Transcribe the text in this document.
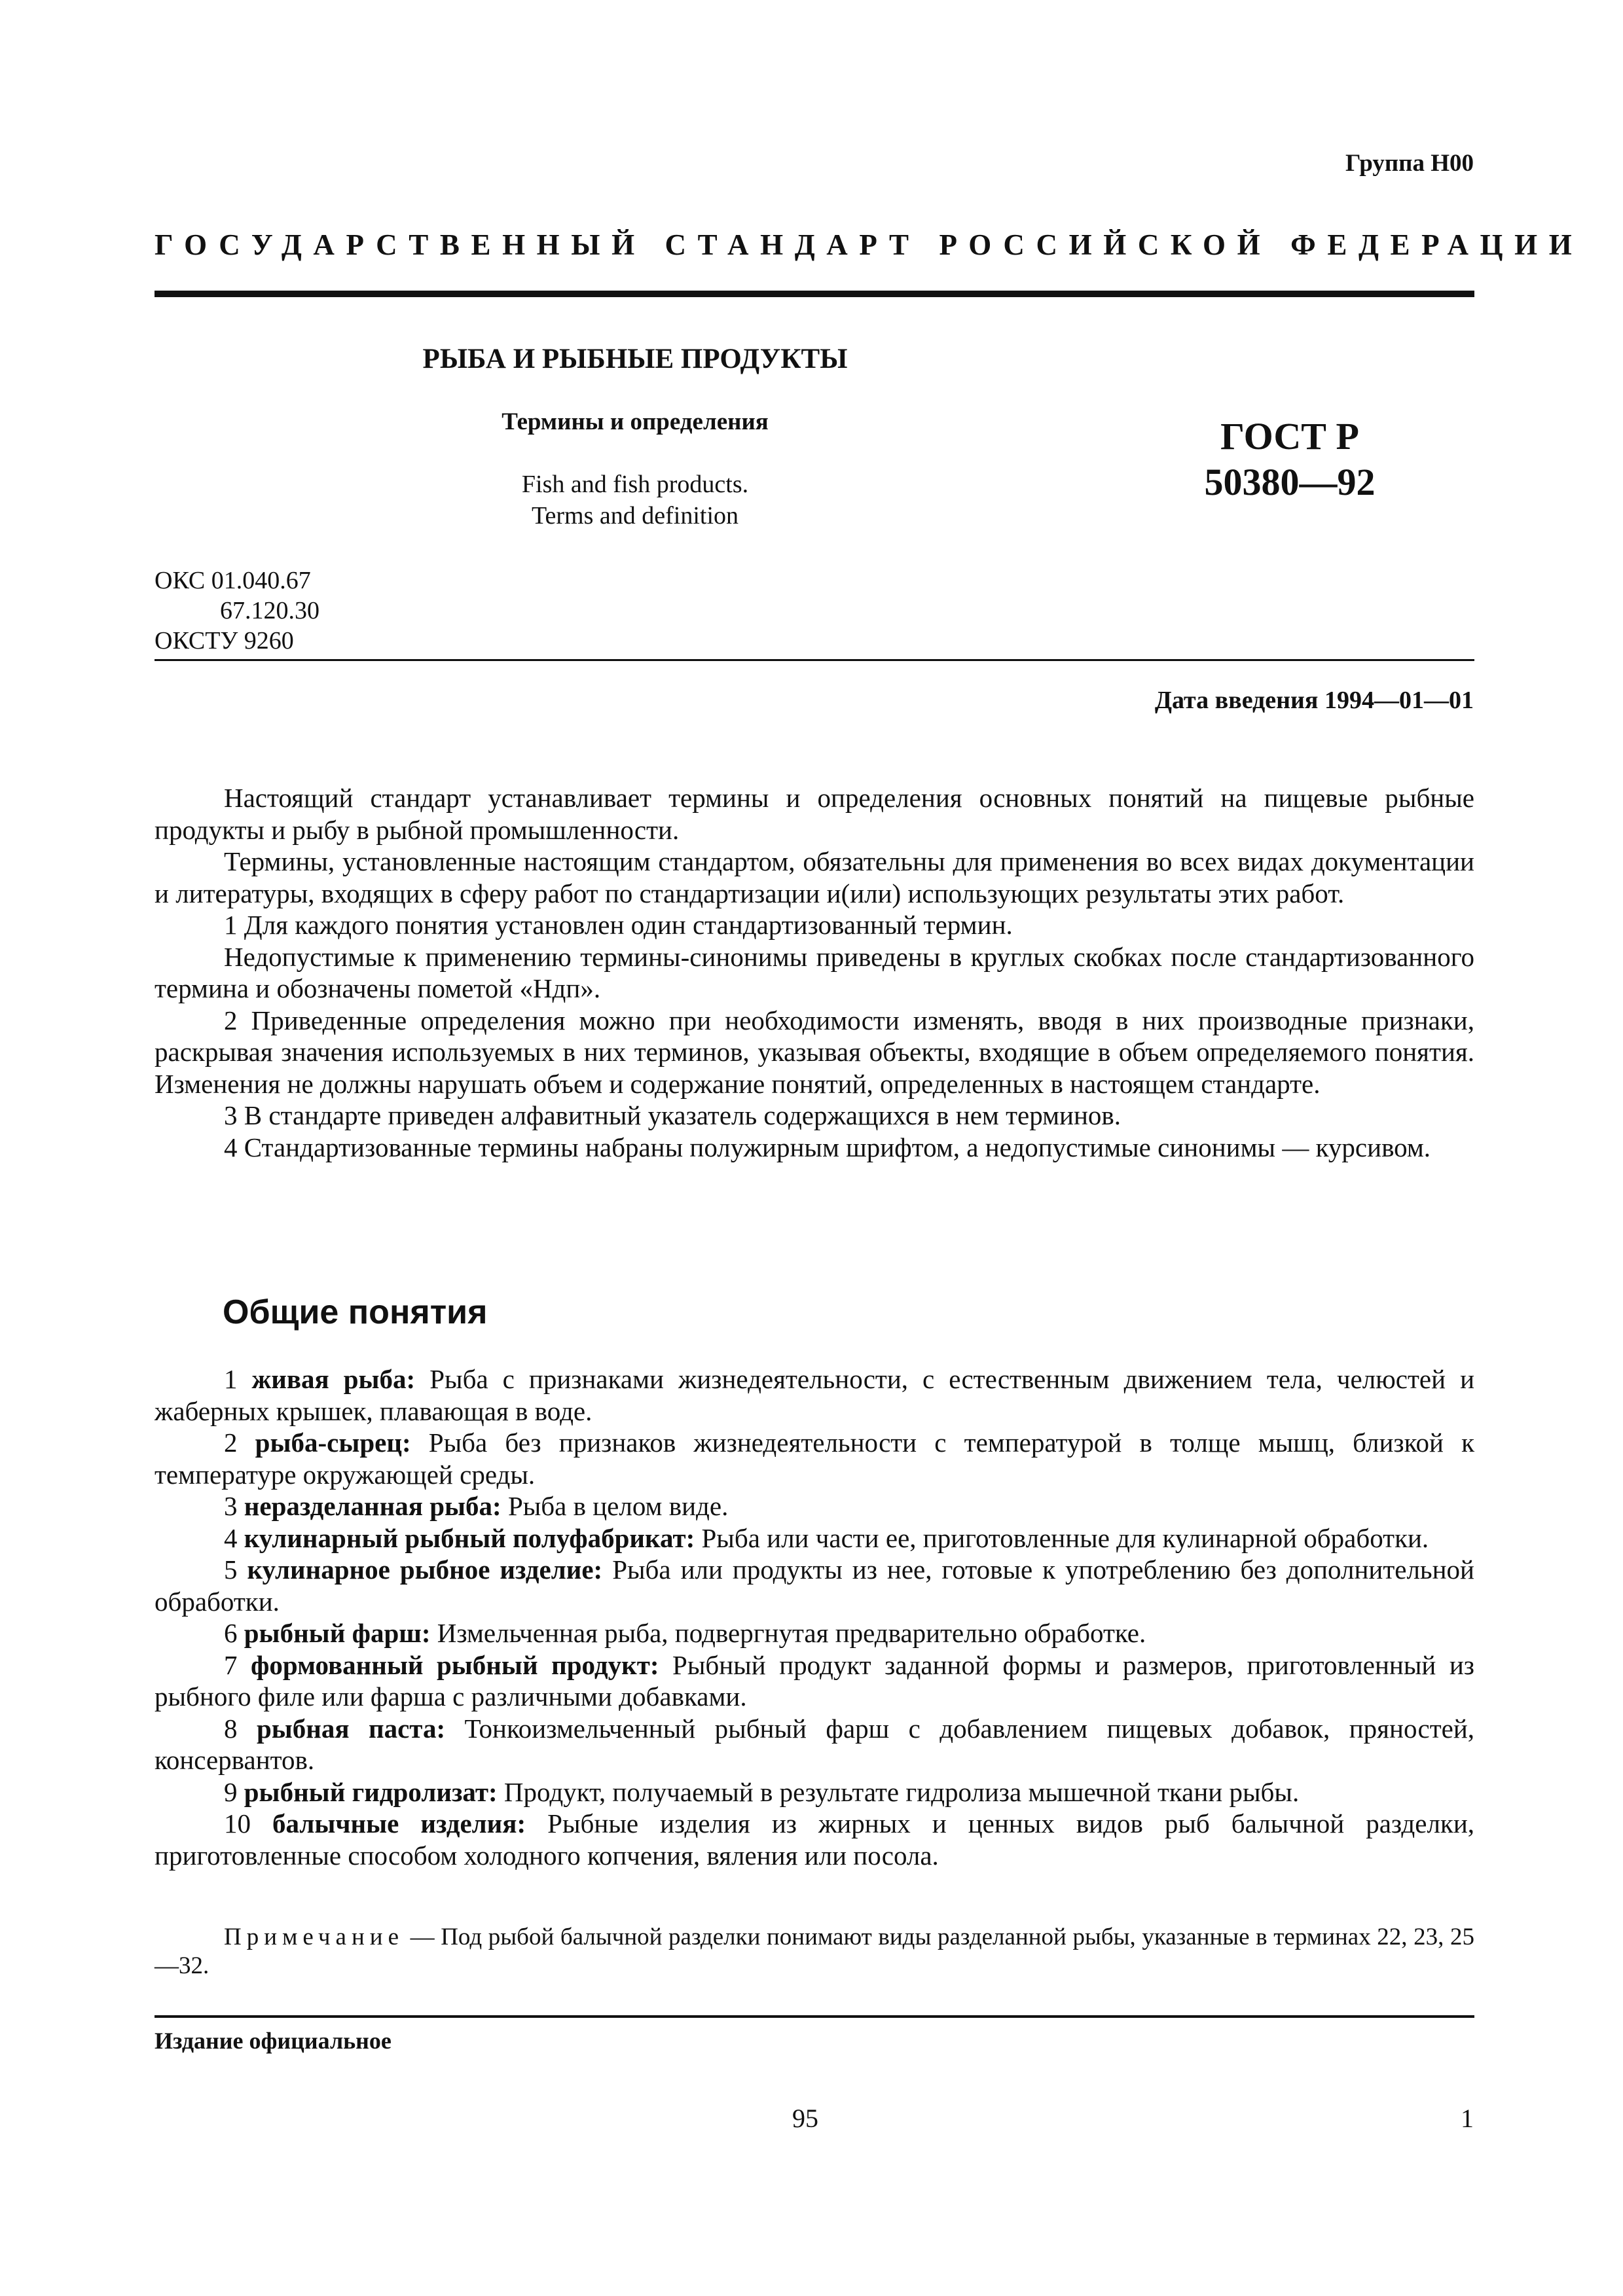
Группа Н00
ГОСУДАРСТВЕННЫЙ СТАНДАРТ РОССИЙСКОЙ ФЕДЕРАЦИИ
РЫБА И РЫБНЫЕ ПРОДУКТЫ
Термины и определения
Fish and fish products.
Terms and definition
ГОСТ Р
50380—92
ОКС 01.040.67
67.120.30
ОКСТУ 9260
Дата введения 1994—01—01

Настоящий стандарт устанавливает термины и определения основных понятий на пищевые рыбные продукты и рыбу в рыбной промышленности.

Термины, установленные настоящим стандартом, обязательны для применения во всех видах документации и литературы, входящих в сферу работ по стандартизации и(или) использующих результаты этих работ.

1 Для каждого понятия установлен один стандартизованный термин.

Недопустимые к применению термины-синонимы приведены в круглых скобках после стандартизованного термина и обозначены пометой «Ндп».

2 Приведенные определения можно при необходимости изменять, вводя в них производные признаки, раскрывая значения используемых в них терминов, указывая объекты, входящие в объем определяемого понятия. Изменения не должны нарушать объем и содержание понятий, определенных в настоящем стандарте.

3 В стандарте приведен алфавитный указатель содержащихся в нем терминов.

4 Стандартизованные термины набраны полужирным шрифтом, а недопустимые синонимы — курсивом.

Общие понятия

1 живая рыба: Рыба с признаками жизнедеятельности, с естественным движением тела, челюстей и жаберных крышек, плавающая в воде.

2 рыба-сырец: Рыба без признаков жизнедеятельности с температурой в толще мышц, близкой к температуре окружающей среды.

3 неразделанная рыба: Рыба в целом виде.

4 кулинарный рыбный полуфабрикат: Рыба или части ее, приготовленные для кулинарной обработки.

5 кулинарное рыбное изделие: Рыба или продукты из нее, готовые к употреблению без дополнительной обработки.

6 рыбный фарш: Измельченная рыба, подвергнутая предварительно обработке.

7 формованный рыбный продукт: Рыбный продукт заданной формы и размеров, приготовленный из рыбного филе или фарша с различными добавками.

8 рыбная паста: Тонкоизмельченный рыбный фарш с добавлением пищевых добавок, пряностей, консервантов.

9 рыбный гидролизат: Продукт, получаемый в результате гидролиза мышечной ткани рыбы.

10 балычные изделия: Рыбные изделия из жирных и ценных видов рыб балычной разделки, приготовленные способом холодного копчения, вяления или посола.

Примечание — Под рыбой балычной разделки понимают виды разделанной рыбы, указанные в терминах 22, 23, 25—32.
Издание официальное
95	1
